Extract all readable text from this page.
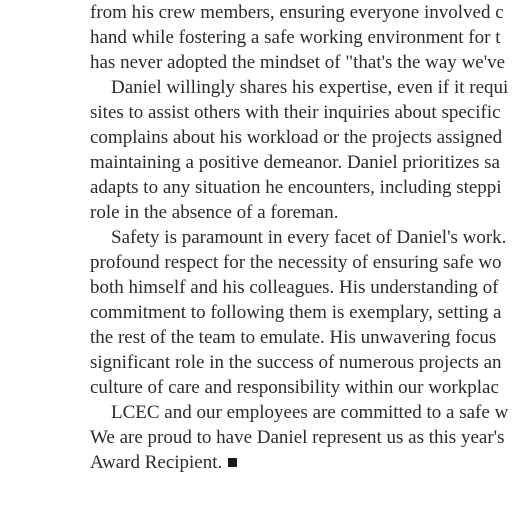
from his crew members, ensuring everyone involved c
hand while fostering a safe working environment for t
has never adopted the mindset of "that's the way we've
Daniel willingly shares his expertise, even if it requi
sites to assist others with their inquiries about specific
complains about his workload or the projects assigned
maintaining a positive demeanor. Daniel prioritizes sa
adapts to any situation he encounters, including steppi
role in the absence of a foreman.
Safety is paramount in every facet of Daniel's work.
profound respect for the necessity of ensuring safe wo
both himself and his colleagues. His understanding of
commitment to following them is exemplary, setting a
the rest of the team to emulate. His unwavering focus
significant role in the success of numerous projects an
culture of care and responsibility within our workplac
LCEC and our employees are committed to a safe w
We are proud to have Daniel represent us as this year's
Award Recipient.
